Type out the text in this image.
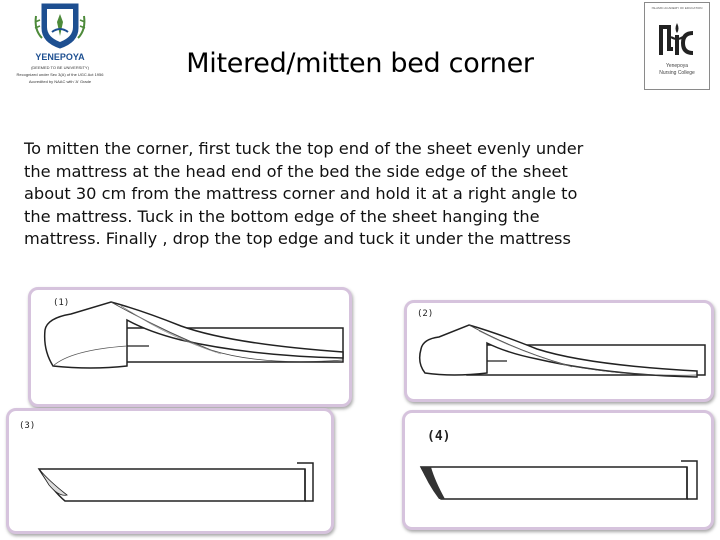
YENEPOYA
(DEEMED TO BE UNIVERSITY)
Recognized under Sec 3(A) of the UGC Act 1956
Accredited by NAAC with 'A' Grade
ISLAMIC ACADEMY OF EDUCATION
Yenepoya
Nursing College
Mitered/mitten bed corner
To mitten the corner, first tuck the top end of the sheet evenly under
the mattress at the head end of the bed the side edge of the sheet
about 30 cm from the mattress corner and hold it at a right angle to
the mattress. Tuck in the bottom edge of the sheet hanging the
mattress. Finally , drop the top edge and tuck it under the mattress
(1)
(2)
(3)
(4)
